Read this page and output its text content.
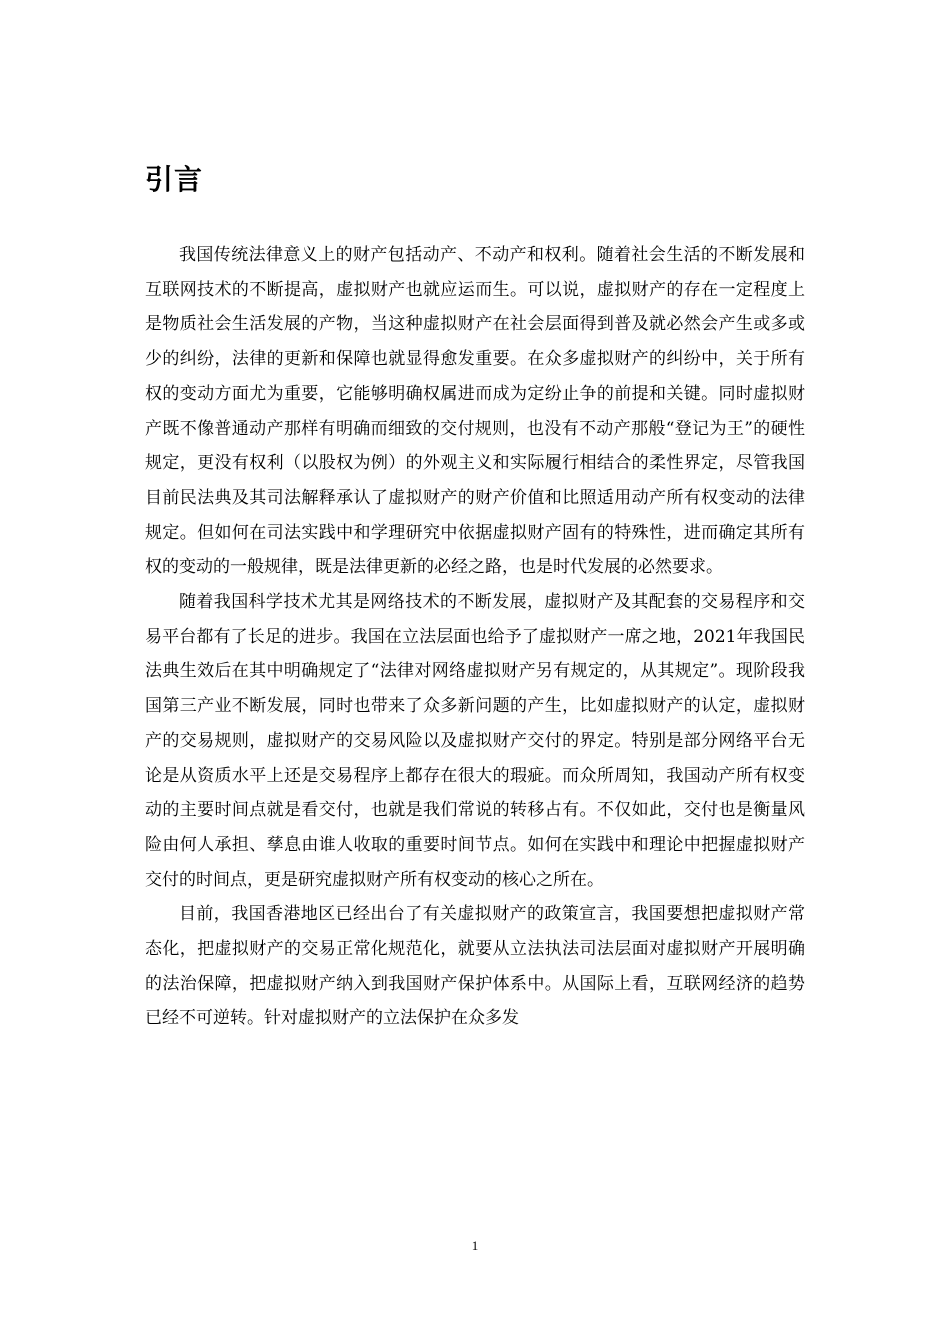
引言

我国传统法律意义上的财产包括动产、不动产和权利。随着社会生活的不断发展和互联网技术的不断提高，虚拟财产也就应运而生。可以说，虚拟财产的存在一定程度上是物质社会生活发展的产物，当这种虚拟财产在社会层面得到普及就必然会产生或多或少的纠纷，法律的更新和保障也就显得愈发重要。在众多虚拟财产的纠纷中，关于所有权的变动方面尤为重要，它能够明确权属进而成为定纷止争的前提和关键。同时虚拟财产既不像普通动产那样有明确而细致的交付规则，也没有不动产那般“登记为王”的硬性规定，更没有权利（以股权为例）的外观主义和实际履行相结合的柔性界定，尽管我国目前民法典及其司法解释承认了虚拟财产的财产价值和比照适用动产所有权变动的法律规定。但如何在司法实践中和学理研究中依据虚拟财产固有的特殊性，进而确定其所有权的变动的一般规律，既是法律更新的必经之路，也是时代发展的必然要求。

随着我国科学技术尤其是网络技术的不断发展，虚拟财产及其配套的交易程序和交易平台都有了长足的进步。我国在立法层面也给予了虚拟财产一席之地，2021年我国民法典生效后在其中明确规定了“法律对网络虚拟财产另有规定的，从其规定”。现阶段我国第三产业不断发展，同时也带来了众多新问题的产生，比如虚拟财产的认定，虚拟财产的交易规则，虚拟财产的交易风险以及虚拟财产交付的界定。特别是部分网络平台无论是从资质水平上还是交易程序上都存在很大的瑕疵。而众所周知，我国动产所有权变动的主要时间点就是看交付，也就是我们常说的转移占有。不仅如此，交付也是衡量风险由何人承担、孳息由谁人收取的重要时间节点。如何在实践中和理论中把握虚拟财产交付的时间点，更是研究虚拟财产所有权变动的核心之所在。

目前，我国香港地区已经出台了有关虚拟财产的政策宣言，我国要想把虚拟财产常态化，把虚拟财产的交易正常化规范化，就要从立法执法司法层面对虚拟财产开展明确的法治保障，把虚拟财产纳入到我国财产保护体系中。从国际上看，互联网经济的趋势已经不可逆转。针对虚拟财产的立法保护在众多发

1
